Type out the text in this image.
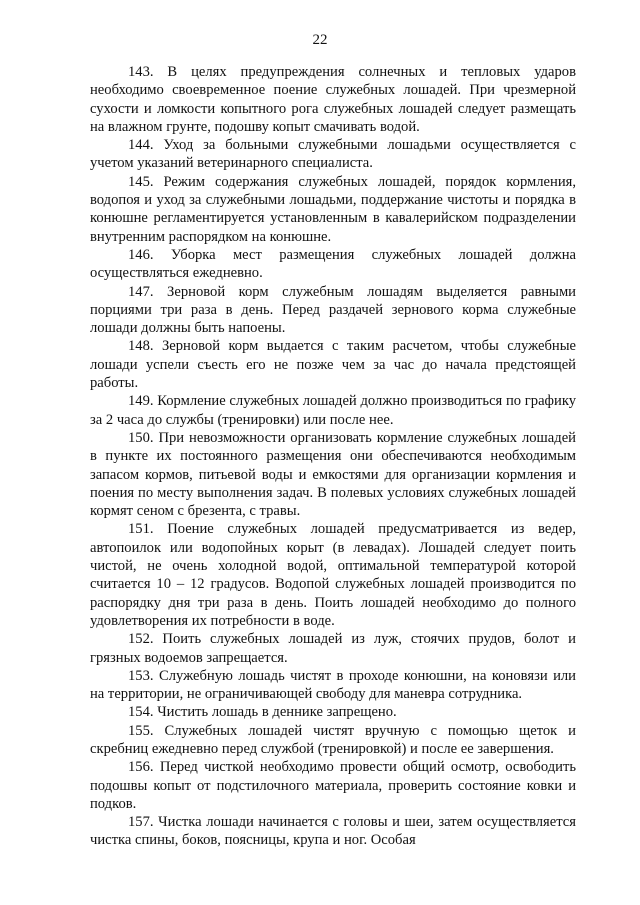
22

143. В целях предупреждения солнечных и тепловых ударов необходимо своевременное поение служебных лошадей. При чрезмерной сухости и ломкости копытного рога служебных лошадей следует размещать на влажном грунте, подошву копыт смачивать водой.

144. Уход за больными служебными лошадьми осуществляется с учетом указаний ветеринарного специалиста.

145. Режим содержания служебных лошадей, порядок кормления, водопоя и уход за служебными лошадьми, поддержание чистоты и порядка в конюшне регламентируется установленным в кавалерийском подразделении внутренним распорядком на конюшне.

146. Уборка мест размещения служебных лошадей должна осуществляться ежедневно.

147. Зерновой корм служебным лошадям выделяется равными порциями три раза в день. Перед раздачей зернового корма служебные лошади должны быть напоены.

148. Зерновой корм выдается с таким расчетом, чтобы служебные лошади успели съесть его не позже чем за час до начала предстоящей работы.

149. Кормление служебных лошадей должно производиться по графику за 2 часа до службы (тренировки) или после нее.

150. При невозможности организовать кормление служебных лошадей в пункте их постоянного размещения они обеспечиваются необходимым запасом кормов, питьевой воды и емкостями для организации кормления и поения по месту выполнения задач. В полевых условиях служебных лошадей кормят сеном с брезента, с травы.

151. Поение служебных лошадей предусматривается из ведер, автопоилок или водопойных корыт (в левадах). Лошадей следует поить чистой, не очень холодной водой, оптимальной температурой которой считается 10 – 12 градусов. Водопой служебных лошадей производится по распорядку дня три раза в день. Поить лошадей необходимо до полного удовлетворения их потребности в воде.

152. Поить служебных лошадей из луж, стоячих прудов, болот и грязных водоемов запрещается.

153. Служебную лошадь чистят в проходе конюшни, на коновязи или на территории, не ограничивающей свободу для маневра сотрудника.

154. Чистить лошадь в деннике запрещено.

155. Служебных лошадей чистят вручную с помощью щеток и скребниц ежедневно перед службой (тренировкой) и после ее завершения.

156. Перед чисткой необходимо провести общий осмотр, освободить подошвы копыт от подстилочного материала, проверить состояние ковки и подков.

157. Чистка лошади начинается с головы и шеи, затем осуществляется чистка спины, боков, поясницы, крупа и ног. Особая
